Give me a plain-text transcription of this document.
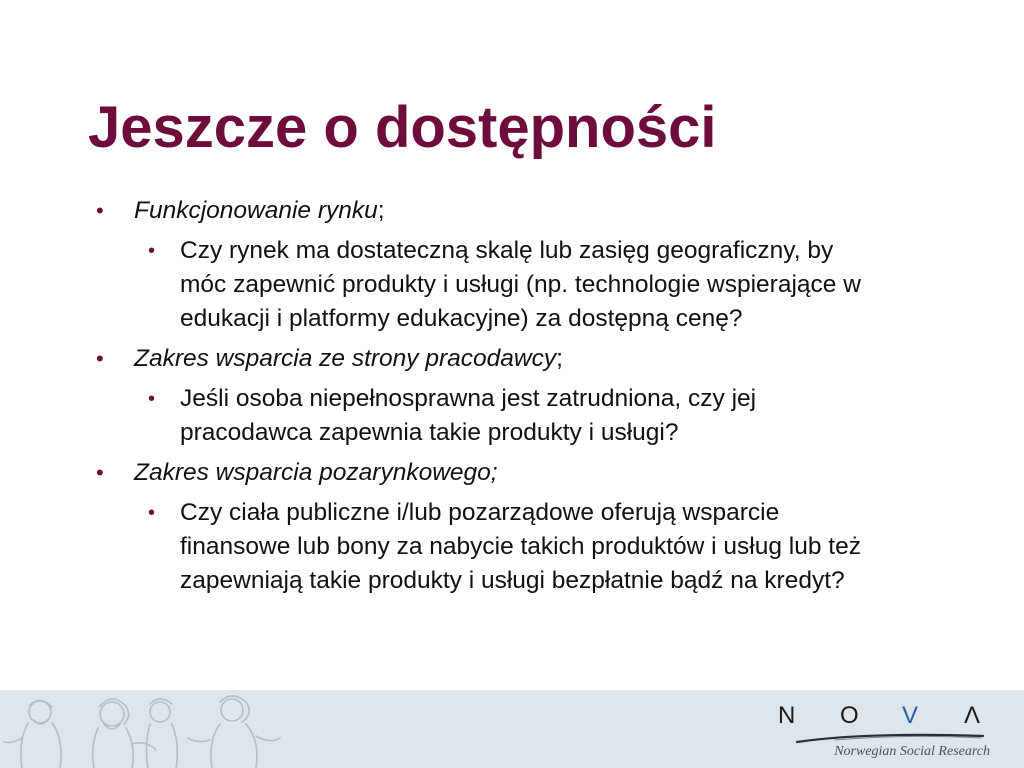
Jeszcze o dostępności
• Funkcjonowanie rynku;
• Czy rynek ma dostateczną skalę lub zasięg geograficzny, by móc zapewnić produkty i usługi (np. technologie wspierające w edukacji i platformy edukacyjne) za dostępną cenę?
• Zakres wsparcia ze strony pracodawcy;
• Jeśli osoba niepełnosprawna jest zatrudniona, czy jej pracodawca zapewnia takie produkty i usługi?
• Zakres wsparcia pozarynkowego;
• Czy ciała publiczne i/lub pozarządowe oferują wsparcie finansowe lub bony za nabycie takich produktów i usług lub też zapewniają takie produkty i usługi bezpłatnie bądź na kredyt?
N	O	V	Λ
Norwegian Social Research
